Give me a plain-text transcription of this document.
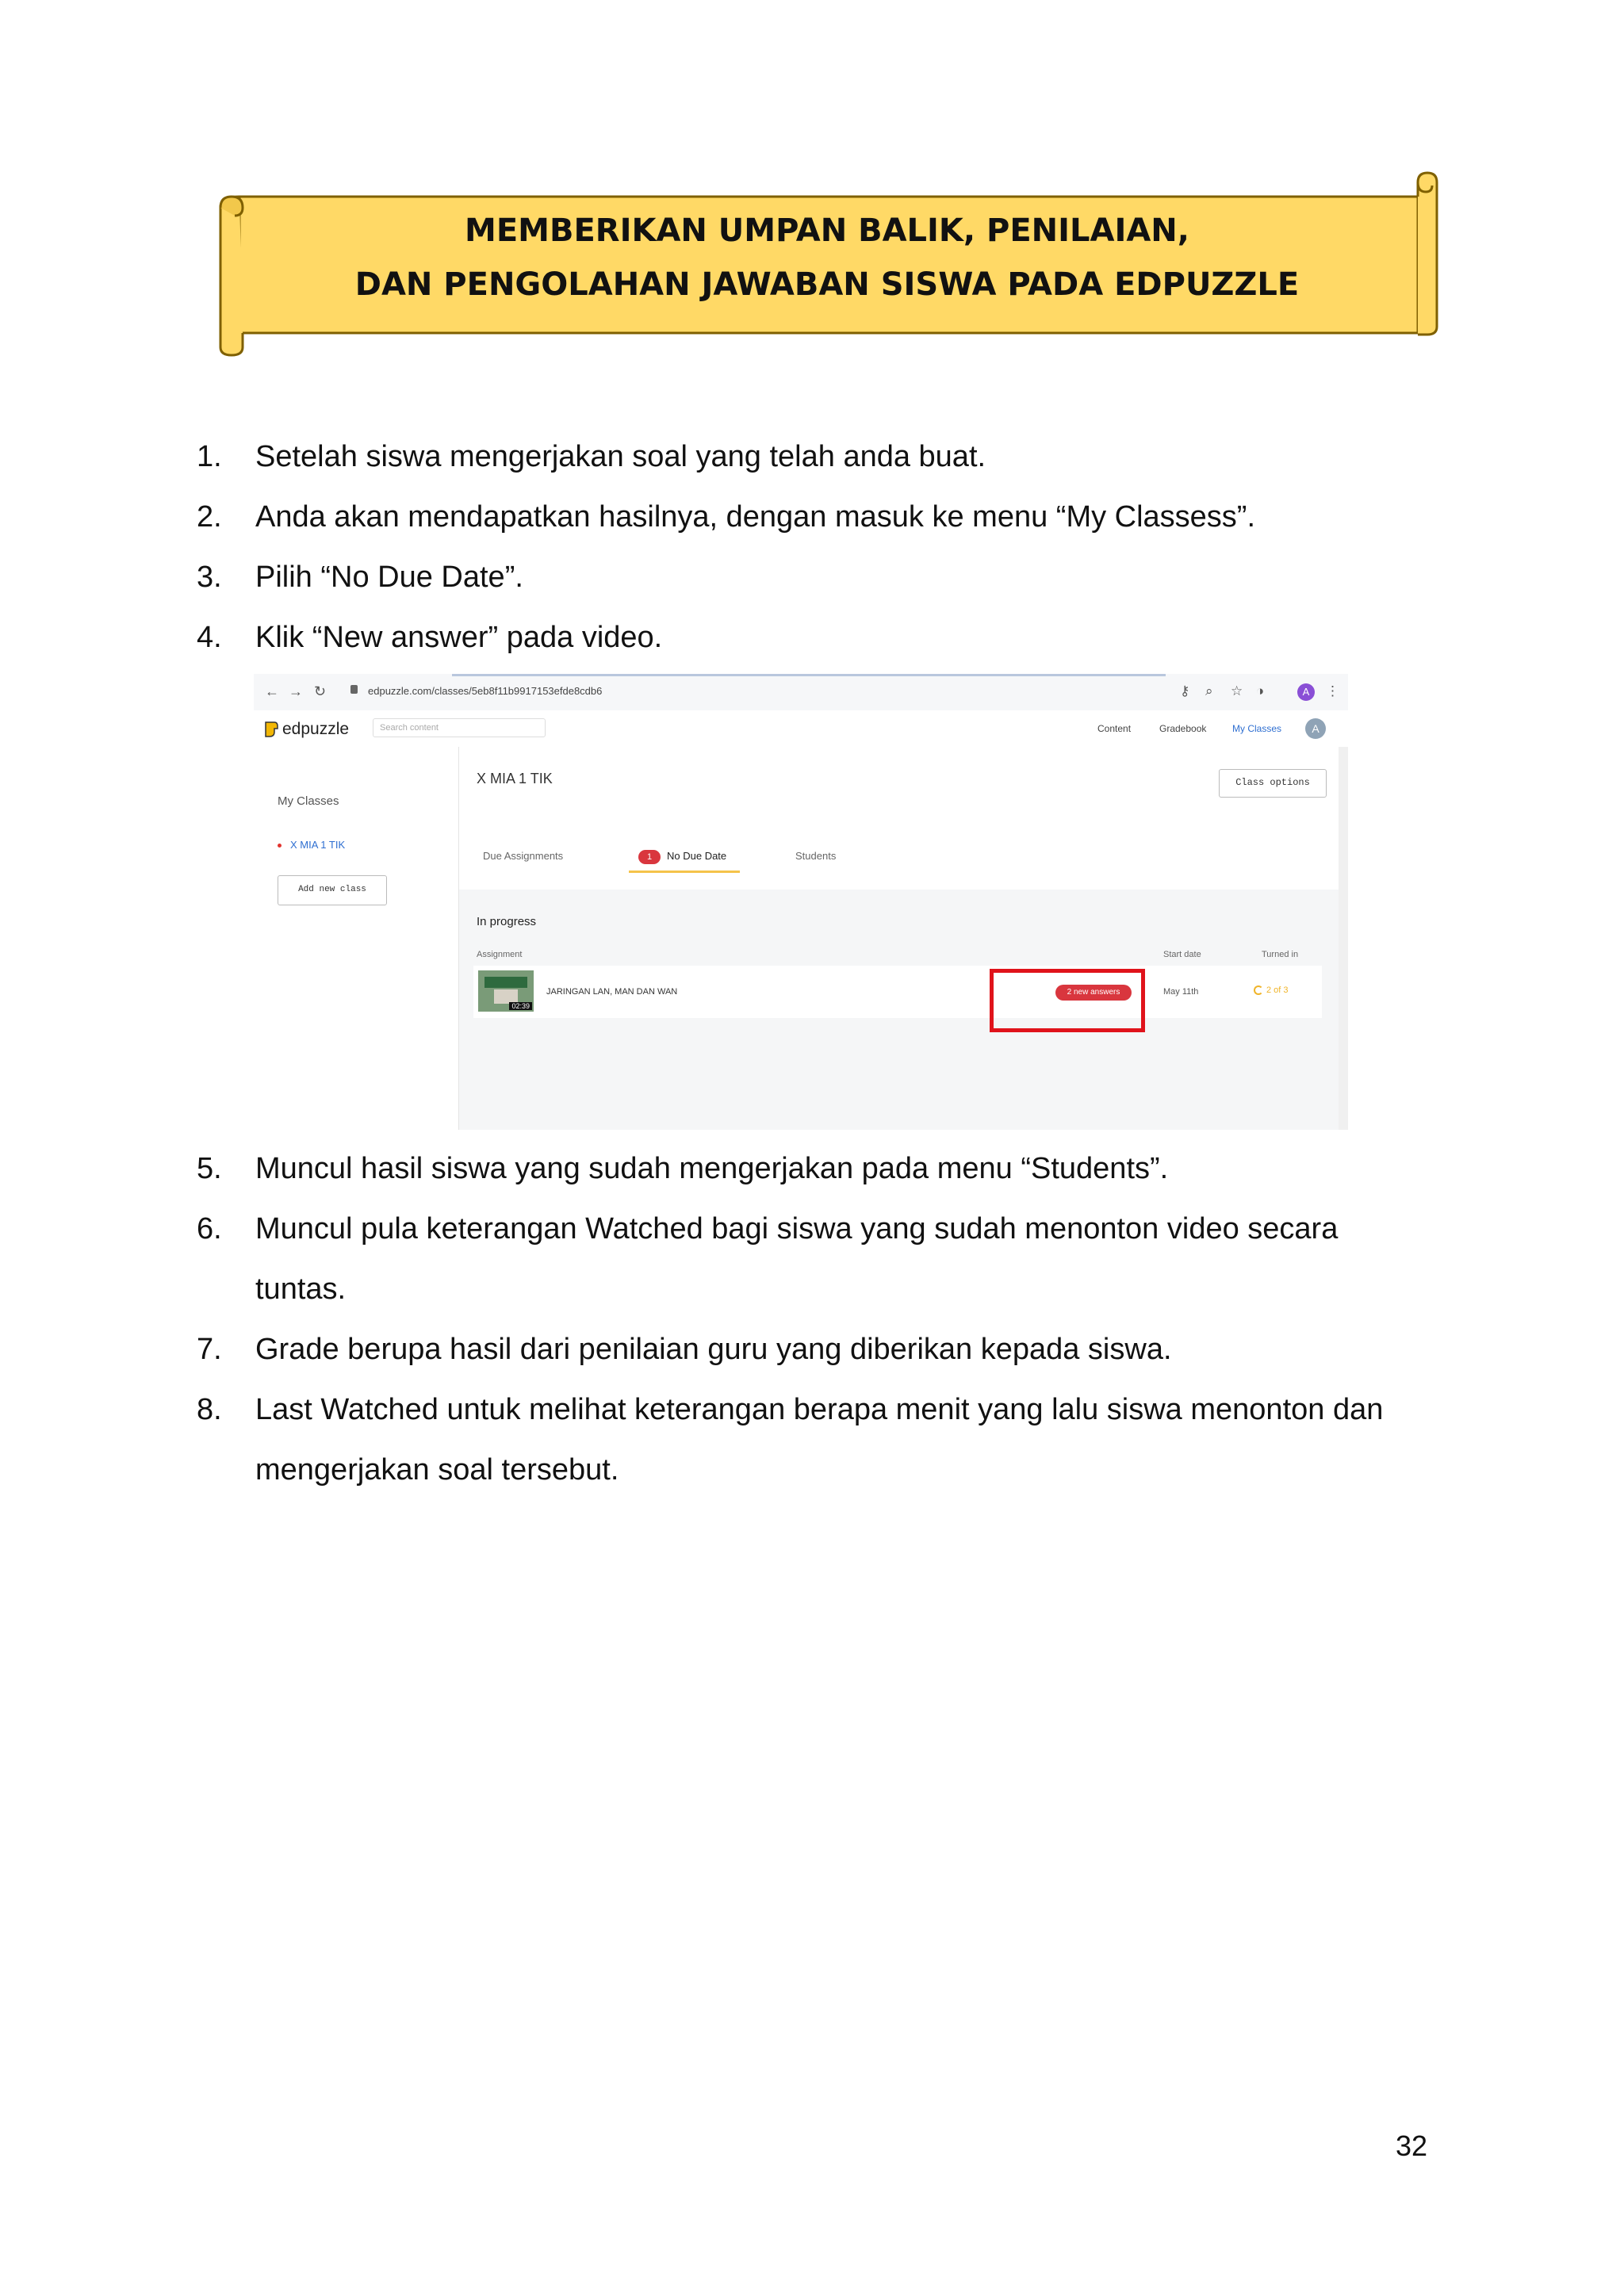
MEMBERIKAN UMPAN BALIK, PENILAIAN,
DAN PENGOLAHAN JAWABAN SISWA PADA EDPUZZLE
1. Setelah siswa mengerjakan soal yang telah anda buat.
2. Anda akan mendapatkan hasilnya, dengan masuk ke menu “My Classess”.
3. Pilih “No Due Date”.
4. Klik “New answer” pada video.
← → ↻	edpuzzle.com/classes/5eb8f11b9917153efde8cdb6	⚷ ⌕ ☆ ◑	A	⋮
edpuzzle	Search content	Content	Gradebook	My Classes	A
My Classes
X MIA 1 TIK
Add new class
X MIA 1 TIK	Class options
Due Assignments	1	No Due Date	Students
In progress
Assignment	Start date	Turned in
02:39
JARINGAN LAN, MAN DAN WAN	2 new answers	May 11th	2 of 3
5. Muncul hasil siswa yang sudah mengerjakan pada menu “Students”.
6. Muncul pula keterangan Watched bagi siswa yang sudah menonton video secara
tuntas.
7. Grade berupa hasil dari penilaian guru yang diberikan kepada siswa.
8. Last Watched untuk melihat keterangan berapa menit yang lalu siswa menonton dan
mengerjakan soal tersebut.
32
